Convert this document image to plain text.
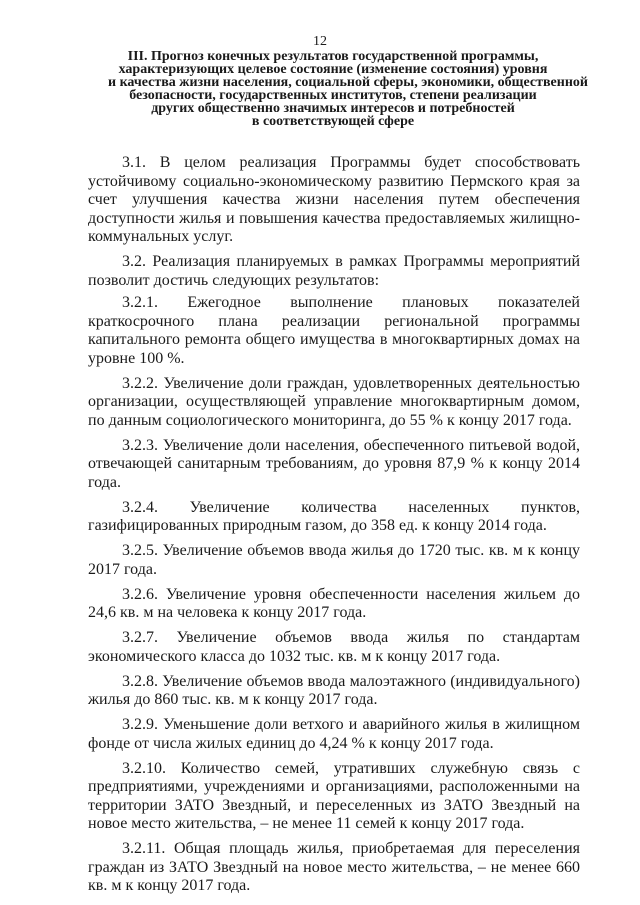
12
III. Прогноз конечных результатов государственной программы,
характеризующих целевое состояние (изменение состояния) уровня
и качества жизни населения, социальной сферы, экономики, общественной
безопасности, государственных институтов, степени реализации
других общественно значимых интересов и потребностей
в соответствующей сфере

3.1. В целом реализация Программы будет способствовать устойчивому социально-экономическому развитию Пермского края за счет улучшения качества жизни населения путем обеспечения доступности жилья и повышения качества предоставляемых жилищно-коммунальных услуг.

3.2. Реализация планируемых в рамках Программы мероприятий позволит достичь следующих результатов:

3.2.1. Ежегодное выполнение плановых показателей краткосрочного плана реализации региональной программы капитального ремонта общего имущества в многоквартирных домах на уровне 100 %.

3.2.2. Увеличение доли граждан, удовлетворенных деятельностью организации, осуществляющей управление многоквартирным домом, по данным социологического мониторинга, до 55 % к концу 2017 года.

3.2.3. Увеличение доли населения, обеспеченного питьевой водой, отвечающей санитарным требованиям, до уровня 87,9 % к концу 2014 года.

3.2.4. Увеличение количества населенных пунктов, газифицированных природным газом, до 358 ед. к концу 2014 года.

3.2.5. Увеличение объемов ввода жилья до 1720 тыс. кв. м к концу 2017 года.

3.2.6. Увеличение уровня обеспеченности населения жильем до 24,6 кв. м на человека к концу 2017 года.

3.2.7. Увеличение объемов ввода жилья по стандартам экономического класса до 1032 тыс. кв. м к концу 2017 года.

3.2.8. Увеличение объемов ввода малоэтажного (индивидуального) жилья до 860 тыс. кв. м к концу 2017 года.

3.2.9. Уменьшение доли ветхого и аварийного жилья в жилищном фонде от числа жилых единиц до 4,24 % к концу 2017 года.

3.2.10. Количество семей, утративших служебную связь с предприятиями, учреждениями и организациями, расположенными на территории ЗАТО Звездный, и переселенных из ЗАТО Звездный на новое место жительства, – не менее 11 семей к концу 2017 года.

3.2.11. Общая площадь жилья, приобретаемая для переселения граждан из ЗАТО Звездный на новое место жительства, – не менее 660 кв. м к концу 2017 года.
